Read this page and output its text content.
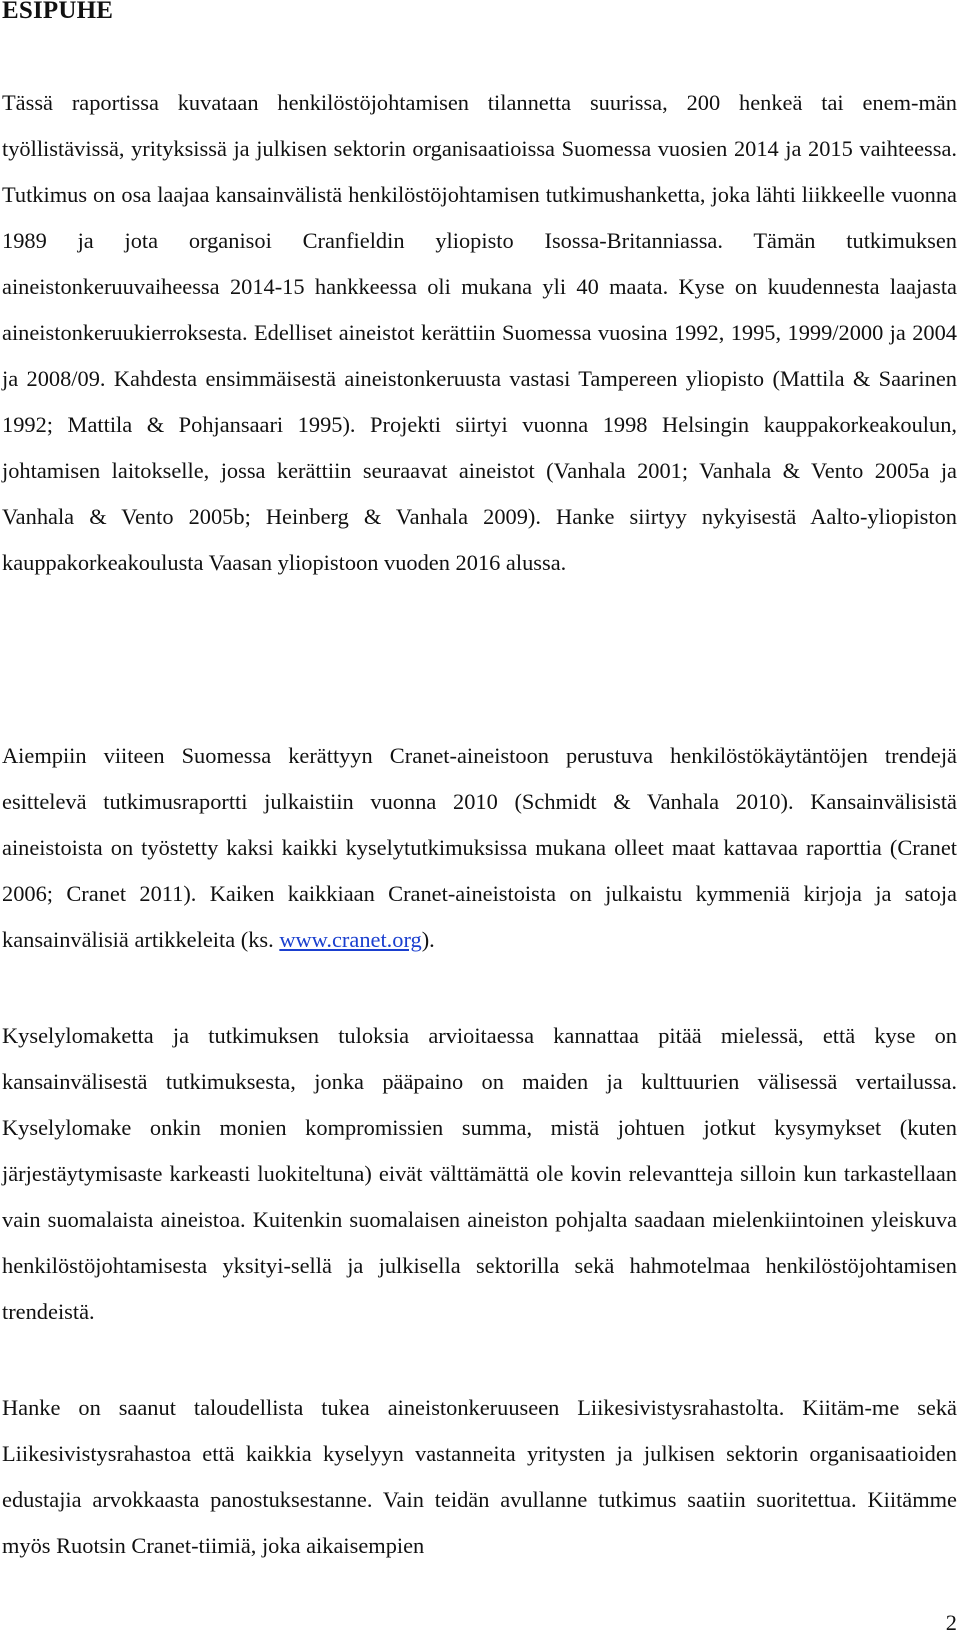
ESIPUHE

Tässä raportissa kuvataan henkilöstöjohtamisen tilannetta suurissa, 200 henkeä tai enem-män työllistävissä, yrityksissä ja julkisen sektorin organisaatioissa Suomessa vuosien 2014 ja 2015 vaihteessa. Tutkimus on osa laajaa kansainvälistä henkilöstöjohtamisen tutkimushanketta, joka lähti liikkeelle vuonna 1989 ja jota organisoi Cranfieldin yliopisto Isossa-Britanniassa. Tämän tutkimuksen aineistonkeruuvaiheessa 2014-15 hankkeessa oli mukana yli 40 maata. Kyse on kuudennesta laajasta aineistonkeruukierroksesta. Edelliset aineistot kerättiin Suomessa vuosina 1992, 1995, 1999/2000 ja 2004 ja 2008/09. Kahdesta ensimmäisestä aineistonkeruusta vastasi Tampereen yliopisto (Mattila & Saarinen 1992; Mattila & Pohjansaari 1995). Projekti siirtyi vuonna 1998 Helsingin kauppakorkeakoulun, johtamisen laitokselle, jossa kerättiin seuraavat aineistot (Vanhala 2001; Vanhala & Vento 2005a ja Vanhala & Vento 2005b; Heinberg & Vanhala 2009). Hanke siirtyy nykyisestä Aalto-yliopiston kauppakorkeakoulusta Vaasan yliopistoon vuoden 2016 alussa.

Aiempiin viiteen Suomessa kerättyyn Cranet-aineistoon perustuva henkilöstökäytäntöjen trendejä esittelevä tutkimusraportti julkaistiin vuonna 2010 (Schmidt & Vanhala 2010). Kansainvälisistä aineistoista on työstetty kaksi kaikki kyselytutkimuksissa mukana olleet maat kattavaa raporttia (Cranet 2006; Cranet 2011). Kaiken kaikkiaan Cranet-aineistoista on julkaistu kymmeniä kirjoja ja satoja kansainvälisiä artikkeleita (ks. www.cranet.org).

Kyselylomaketta ja tutkimuksen tuloksia arvioitaessa kannattaa pitää mielessä, että kyse on kansainvälisestä tutkimuksesta, jonka pääpaino on maiden ja kulttuurien välisessä vertailussa. Kyselylomake onkin monien kompromissien summa, mistä johtuen jotkut kysymykset (kuten järjestäytymisaste karkeasti luokiteltuna) eivät välttämättä ole kovin relevantteja silloin kun tarkastellaan vain suomalaista aineistoa. Kuitenkin suomalaisen aineiston pohjalta saadaan mielenkiintoinen yleiskuva henkilöstöjohtamisesta yksityi-sellä ja julkisella sektorilla sekä hahmotelmaa henkilöstöjohtamisen trendeistä.

Hanke on saanut taloudellista tukea aineistonkeruuseen Liikesivistysrahastolta. Kiitäm-me sekä Liikesivistysrahastoa että kaikkia kyselyyn vastanneita yritysten ja julkisen sektorin organisaatioiden edustajia arvokkaasta panostuksestanne. Vain teidän avullanne tutkimus saatiin suoritettua. Kiitämme myös Ruotsin Cranet-tiimiä, joka aikaisempien

2
